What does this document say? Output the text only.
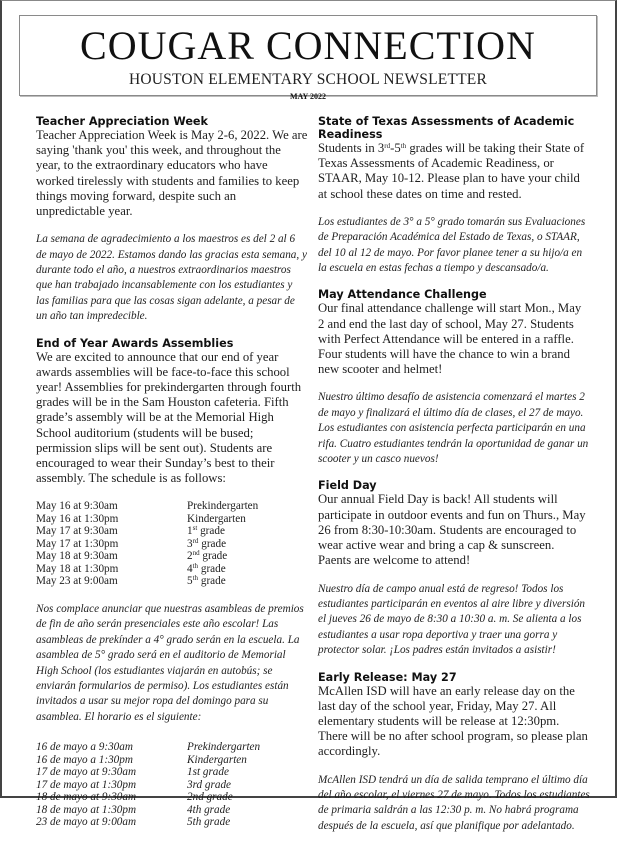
COUGAR CONNECTION
HOUSTON ELEMENTARY SCHOOL NEWSLETTER
MAY 2022
Teacher Appreciation Week

Teacher Appreciation Week is May 2-6, 2022. We are saying 'thank you' this week, and throughout the year, to the extraordinary educators who have worked tirelessly with students and families to keep things moving forward, despite such an unpredictable year.

La semana de agradecimiento a los maestros es del 2 al 6 de mayo de 2022. Estamos dando las gracias esta semana, y durante todo el año, a nuestros extraordinarios maestros que han trabajado incansablemente con los estudiantes y las familias para que las cosas sigan adelante, a pesar de un año tan impredecible.

End of Year Awards Assemblies

We are excited to announce that our end of year awards assemblies will be face-to-face this school year! Assemblies for prekindergarten through fourth grades will be in the Sam Houston cafeteria. Fifth grade’s assembly will be at the Memorial High School auditorium (students will be bused; permission slips will be sent out). Students are encouraged to wear their Sunday’s best to their assembly. The schedule is as follows:

May 16 at 9:30am	Prekindergarten
May 16 at 1:30pm	Kindergarten
May 17 at 9:30am	1st grade
May 17 at 1:30pm	3rd grade
May 18 at 9:30am	2nd grade
May 18 at 1:30pm	4th grade
May 23 at 9:00am	5th grade

Nos complace anunciar que nuestras asambleas de premios de fin de año serán presenciales este año escolar! Las asambleas de prekínder a 4° grado serán en la escuela. La asamblea de 5° grado será en el auditorio de Memorial High School (los estudiantes viajarán en autobús; se enviarán formularios de permiso). Los estudiantes están invitados a usar su mejor ropa del domingo para su asamblea. El horario es el siguiente:

16 de mayo a 9:30am	Prekindergarten
16 de mayo a 1:30pm	Kindergarten
17 de mayo at 9:30am	1st grade
17 de mayo at 1:30pm	3rd grade
18 de mayo at 9:30am	2nd grade
18 de mayo at 1:30pm	4th grade
23 de mayo at 9:00am	5th grade
State of Texas Assessments of Academic Readiness

Students in 3rd-5th grades will be taking their State of Texas Assessments of Academic Readiness, or STAAR, May 10-12. Please plan to have your child at school these dates on time and rested.

Los estudiantes de 3° a 5° grado tomarán sus Evaluaciones de Preparación Académica del Estado de Texas, o STAAR, del 10 al 12 de mayo. Por favor planee tener a su hijo/a en la escuela en estas fechas a tiempo y descansado/a.

May Attendance Challenge

Our final attendance challenge will start Mon., May 2 and end the last day of school, May 27. Students with Perfect Attendance will be entered in a raffle. Four students will have the chance to win a brand new scooter and helmet!

Nuestro último desafío de asistencia comenzará el martes 2 de mayo y finalizará el último día de clases, el 27 de mayo. Los estudiantes con asistencia perfecta participarán en una rifa. Cuatro estudiantes tendrán la oportunidad de ganar un scooter y un casco nuevos!

Field Day

Our annual Field Day is back! All students will participate in outdoor events and fun on Thurs., May 26 from 8:30-10:30am. Students are encouraged to wear active wear and bring a cap & sunscreen. Paents are welcome to attend!

Nuestro día de campo anual está de regreso! Todos los estudiantes participarán en eventos al aire libre y diversión el jueves 26 de mayo de 8:30 a 10:30 a. m. Se alienta a los estudiantes a usar ropa deportiva y traer una gorra y protector solar. ¡Los padres están invitados a asistir!

Early Release: May 27

McAllen ISD will have an early release day on the last day of the school year, Friday, May 27. All elementary students will be release at 12:30pm. There will be no after school program, so please plan accordingly.

McAllen ISD tendrá un día de salida temprano el último día del año escolar, el viernes 27 de mayo. Todos los estudiantes de primaria saldrán a las 12:30 p. m. No habrá programa después de la escuela, así que planifique por adelantado.
